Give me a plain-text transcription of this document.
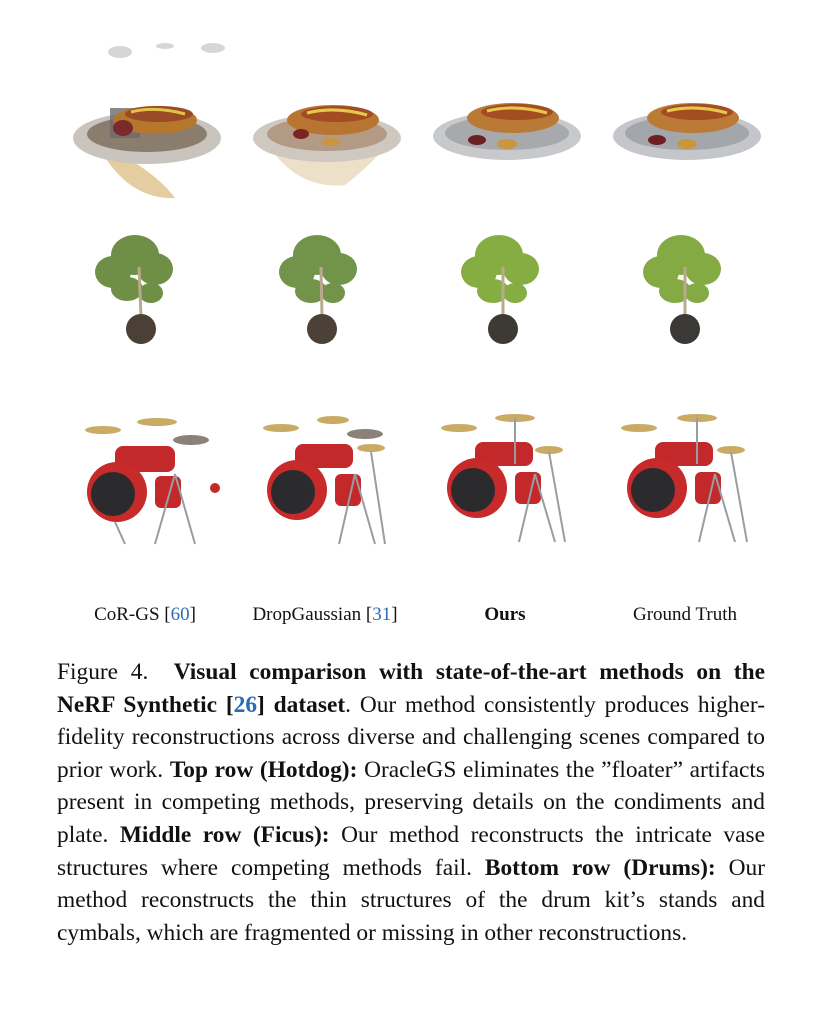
CoR-GS [60]	DropGaussian [31]	Ours	Ground Truth
Figure 4. Visual comparison with state-of-the-art methods on the NeRF Synthetic [26] dataset. Our method consistently produces higher-fidelity reconstructions across diverse and challenging scenes compared to prior work. Top row (Hotdog): OracleGS eliminates the ”floater” artifacts present in competing methods, preserving details on the condiments and plate. Middle row (Ficus): Our method reconstructs the intricate vase structures where competing methods fail. Bottom row (Drums): Our method reconstructs the thin structures of the drum kit’s stands and cymbals, which are fragmented or missing in other reconstructions.
